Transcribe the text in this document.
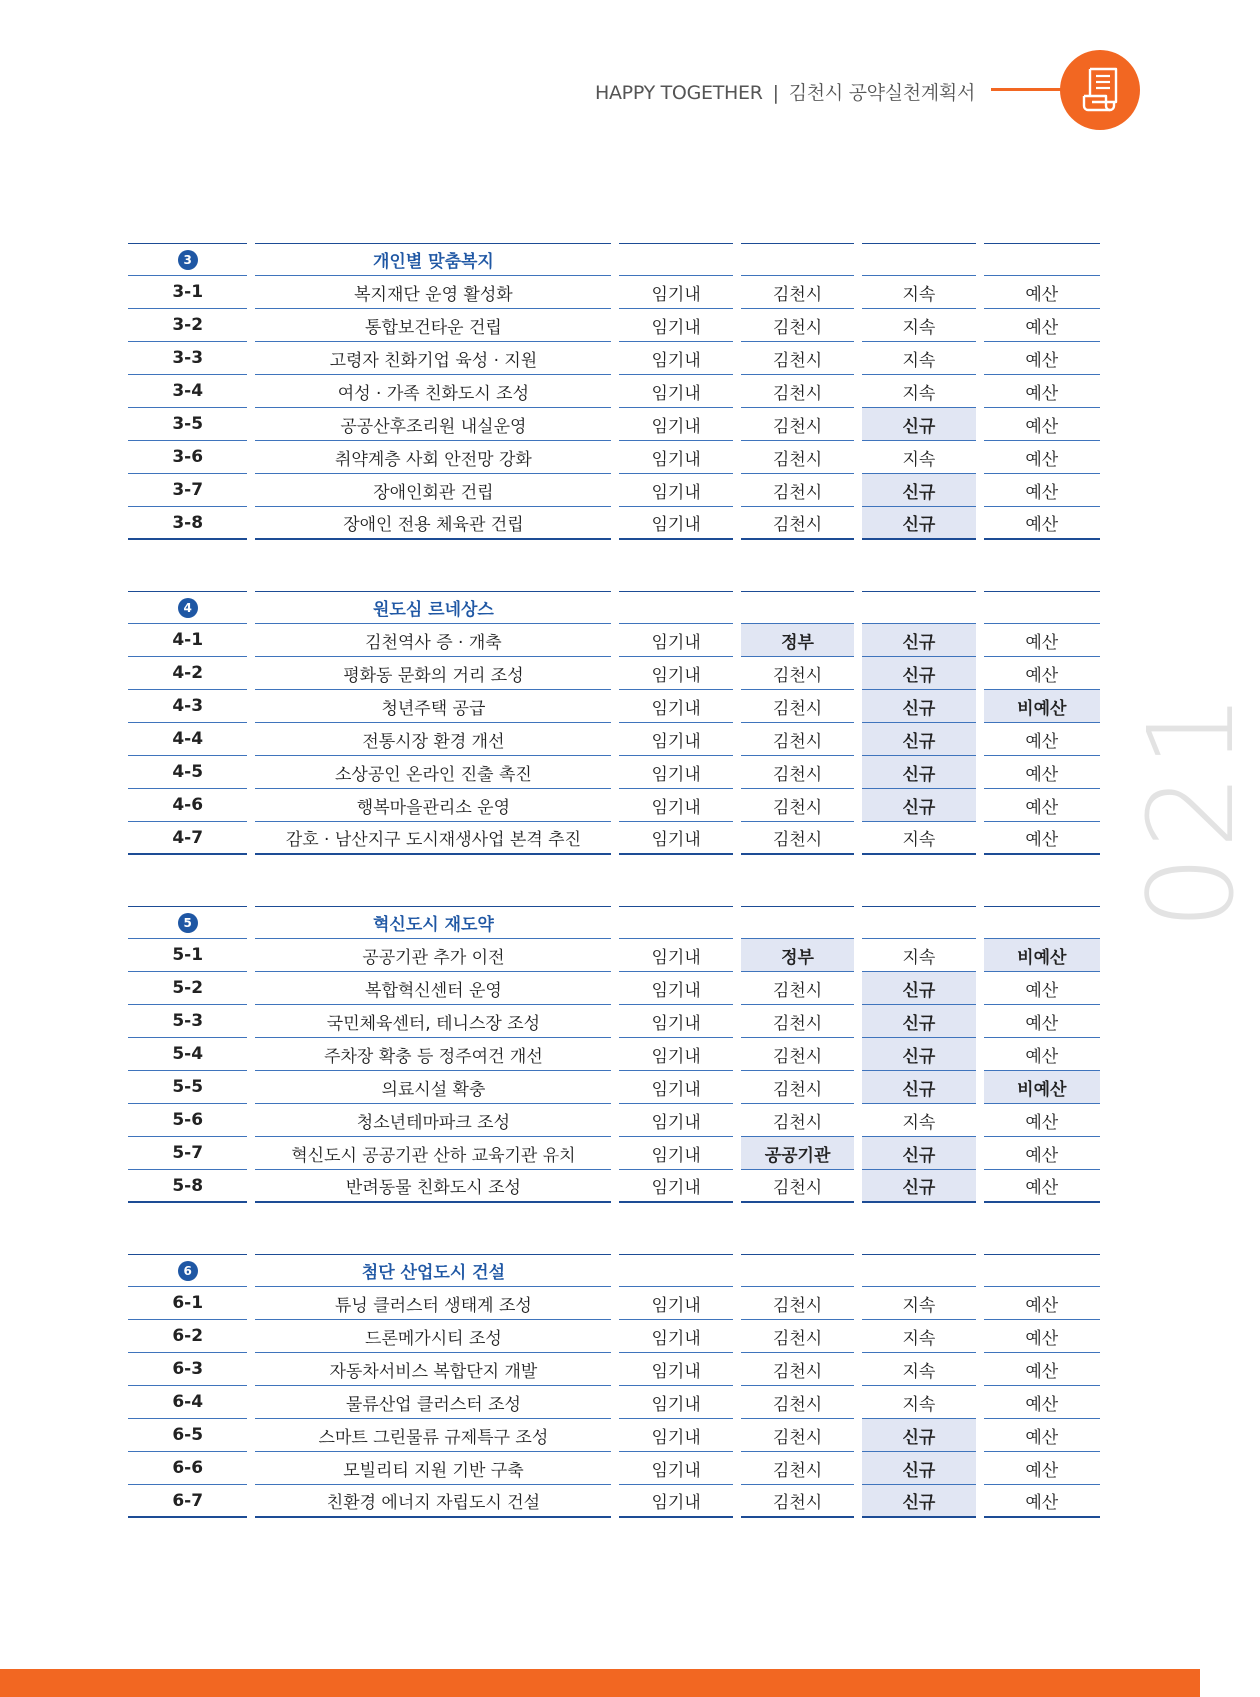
HAPPY TOGETHER | 김천시 공약실천계획서
021
3	개인별 맞춤복지
3-1	복지재단 운영 활성화	임기내	김천시	지속	예산
3-2	통합보건타운 건립	임기내	김천시	지속	예산
3-3	고령자 친화기업 육성 · 지원	임기내	김천시	지속	예산
3-4	여성 · 가족 친화도시 조성	임기내	김천시	지속	예산
3-5	공공산후조리원 내실운영	임기내	김천시	신규	예산
3-6	취약계층 사회 안전망 강화	임기내	김천시	지속	예산
3-7	장애인회관 건립	임기내	김천시	신규	예산
3-8	장애인 전용 체육관 건립	임기내	김천시	신규	예산
4	원도심 르네상스
4-1	김천역사 증 · 개축	임기내	정부	신규	예산
4-2	평화동 문화의 거리 조성	임기내	김천시	신규	예산
4-3	청년주택 공급	임기내	김천시	신규	비예산
4-4	전통시장 환경 개선	임기내	김천시	신규	예산
4-5	소상공인 온라인 진출 촉진	임기내	김천시	신규	예산
4-6	행복마을관리소 운영	임기내	김천시	신규	예산
4-7	감호 · 남산지구 도시재생사업 본격 추진	임기내	김천시	지속	예산
5	혁신도시 재도약
5-1	공공기관 추가 이전	임기내	정부	지속	비예산
5-2	복합혁신센터 운영	임기내	김천시	신규	예산
5-3	국민체육센터, 테니스장 조성	임기내	김천시	신규	예산
5-4	주차장 확충 등 정주여건 개선	임기내	김천시	신규	예산
5-5	의료시설 확충	임기내	김천시	신규	비예산
5-6	청소년테마파크 조성	임기내	김천시	지속	예산
5-7	혁신도시 공공기관 산하 교육기관 유치	임기내	공공기관	신규	예산
5-8	반려동물 친화도시 조성	임기내	김천시	신규	예산
6	첨단 산업도시 건설
6-1	튜닝 클러스터 생태계 조성	임기내	김천시	지속	예산
6-2	드론메가시티 조성	임기내	김천시	지속	예산
6-3	자동차서비스 복합단지 개발	임기내	김천시	지속	예산
6-4	물류산업 클러스터 조성	임기내	김천시	지속	예산
6-5	스마트 그린물류 규제특구 조성	임기내	김천시	신규	예산
6-6	모빌리티 지원 기반 구축	임기내	김천시	신규	예산
6-7	친환경 에너지 자립도시 건설	임기내	김천시	신규	예산
